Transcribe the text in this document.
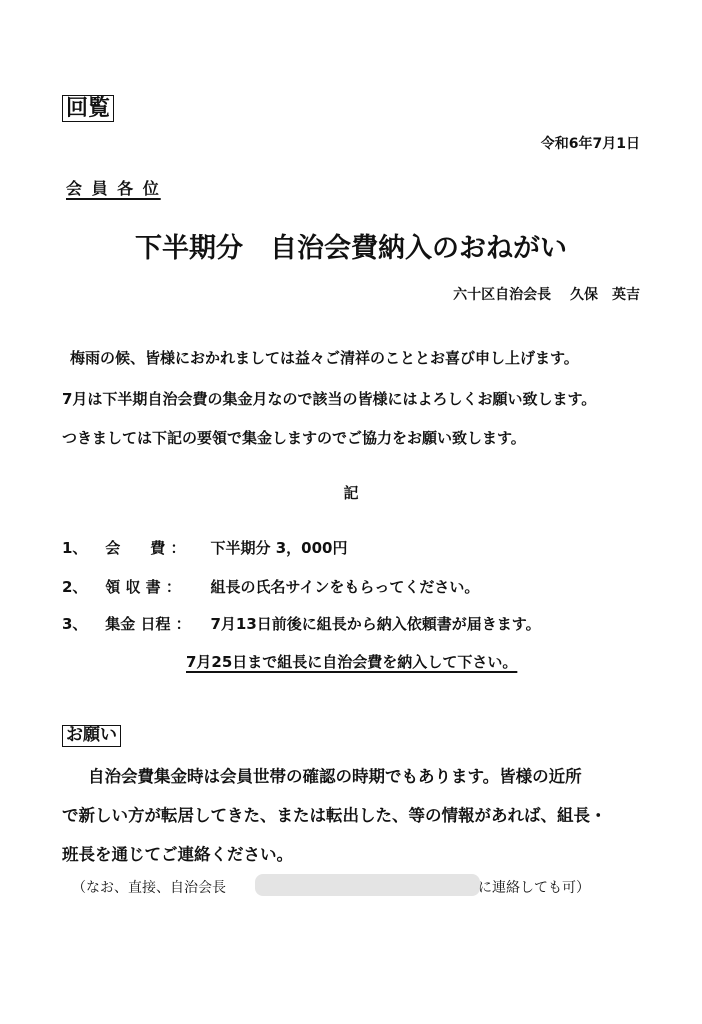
回覧
令和6年7月1日
会 員 各 位
下半期分　自治会費納入のおねがい
六十区自治会長　 久保　英吉
梅雨の候、皆様におかれましては益々ご清祥のこととお喜び申し上げます。
7月は下半期自治会費の集金月なので該当の皆様にはよろしくお願い致します。
つきましては下記の要領で集金しますのでご協力をお願い致します。
記
1、 会　　費 ： 下半期分 3，000円
2、 領 収 書 ： 組長の氏名サインをもらってください。
3、 集金 日程 ： 7月13日前後に組長から納入依頼書が届きます。
7月25日まで組長に自治会費を納入して下さい。
お願い
自治会費集金時は会員世帯の確認の時期でもあります。皆様の近所
で新しい方が転居してきた、または転出した、等の情報があれば、組長・
班長を通じてご連絡ください。
（なお、直接、自治会長	に連絡しても可）
